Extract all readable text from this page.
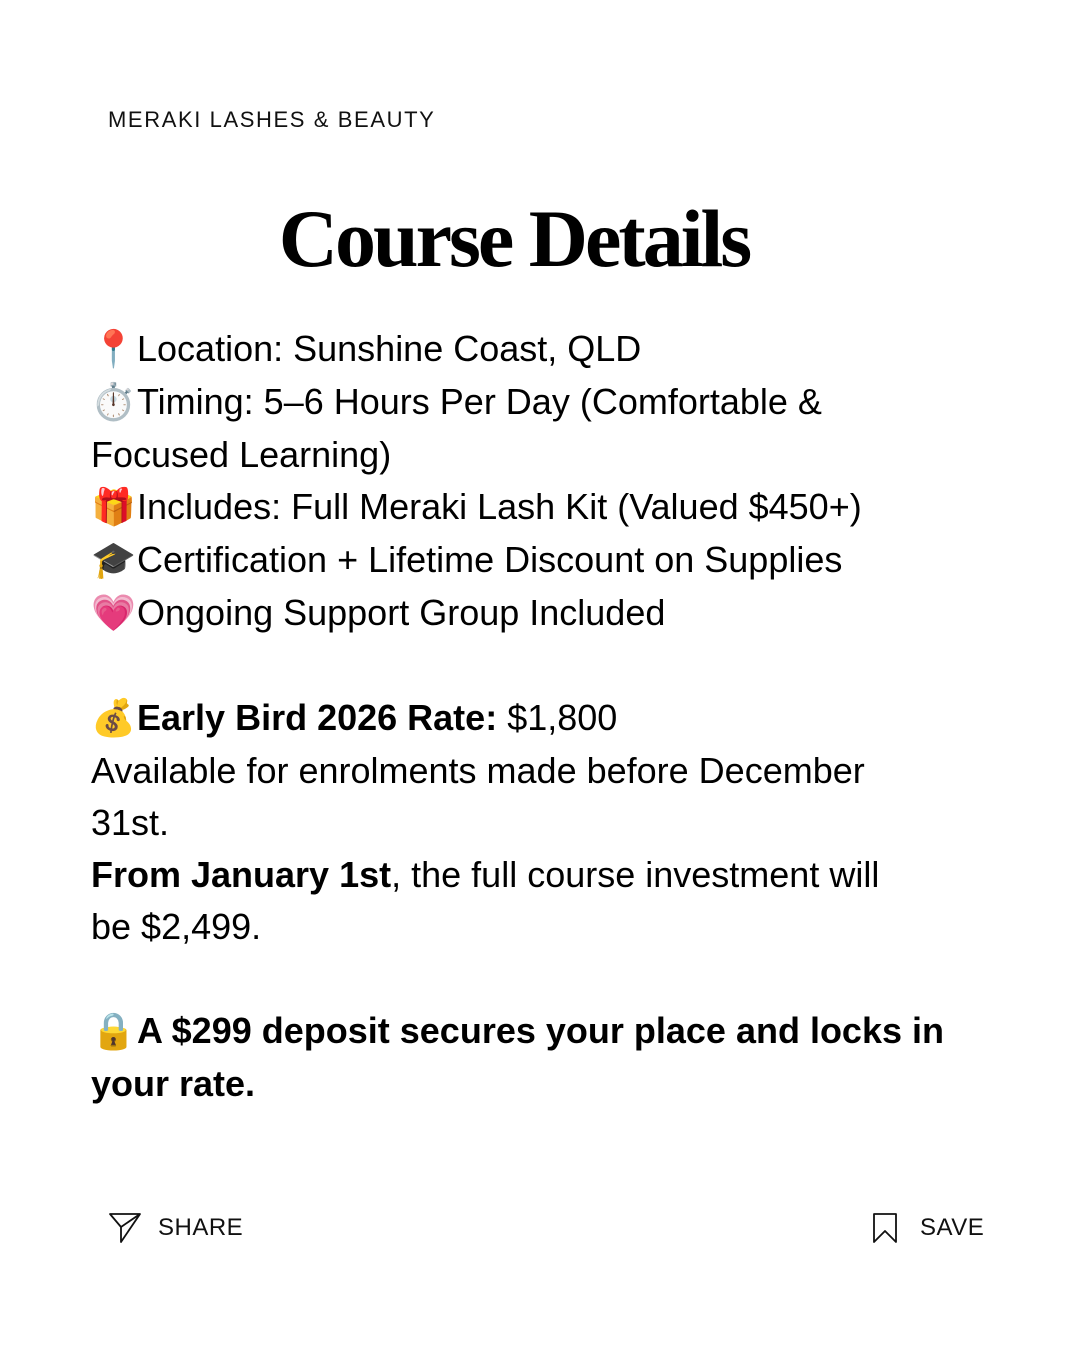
MERAKI LASHES & BEAUTY
Course Details
📍Location: Sunshine Coast, QLD
⏱️Timing: 5–6 Hours Per Day (Comfortable &
Focused Learning)
🎁Includes: Full Meraki Lash Kit (Valued $450+)
🎓Certification + Lifetime Discount on Supplies
💗Ongoing Support Group Included
💰Early Bird 2026 Rate: $1,800
Available for enrolments made before December
31st.
From January 1st, the full course investment will
be $2,499.
🔒A $299 deposit secures your place and locks in
your rate.
SHARE	SAVE
